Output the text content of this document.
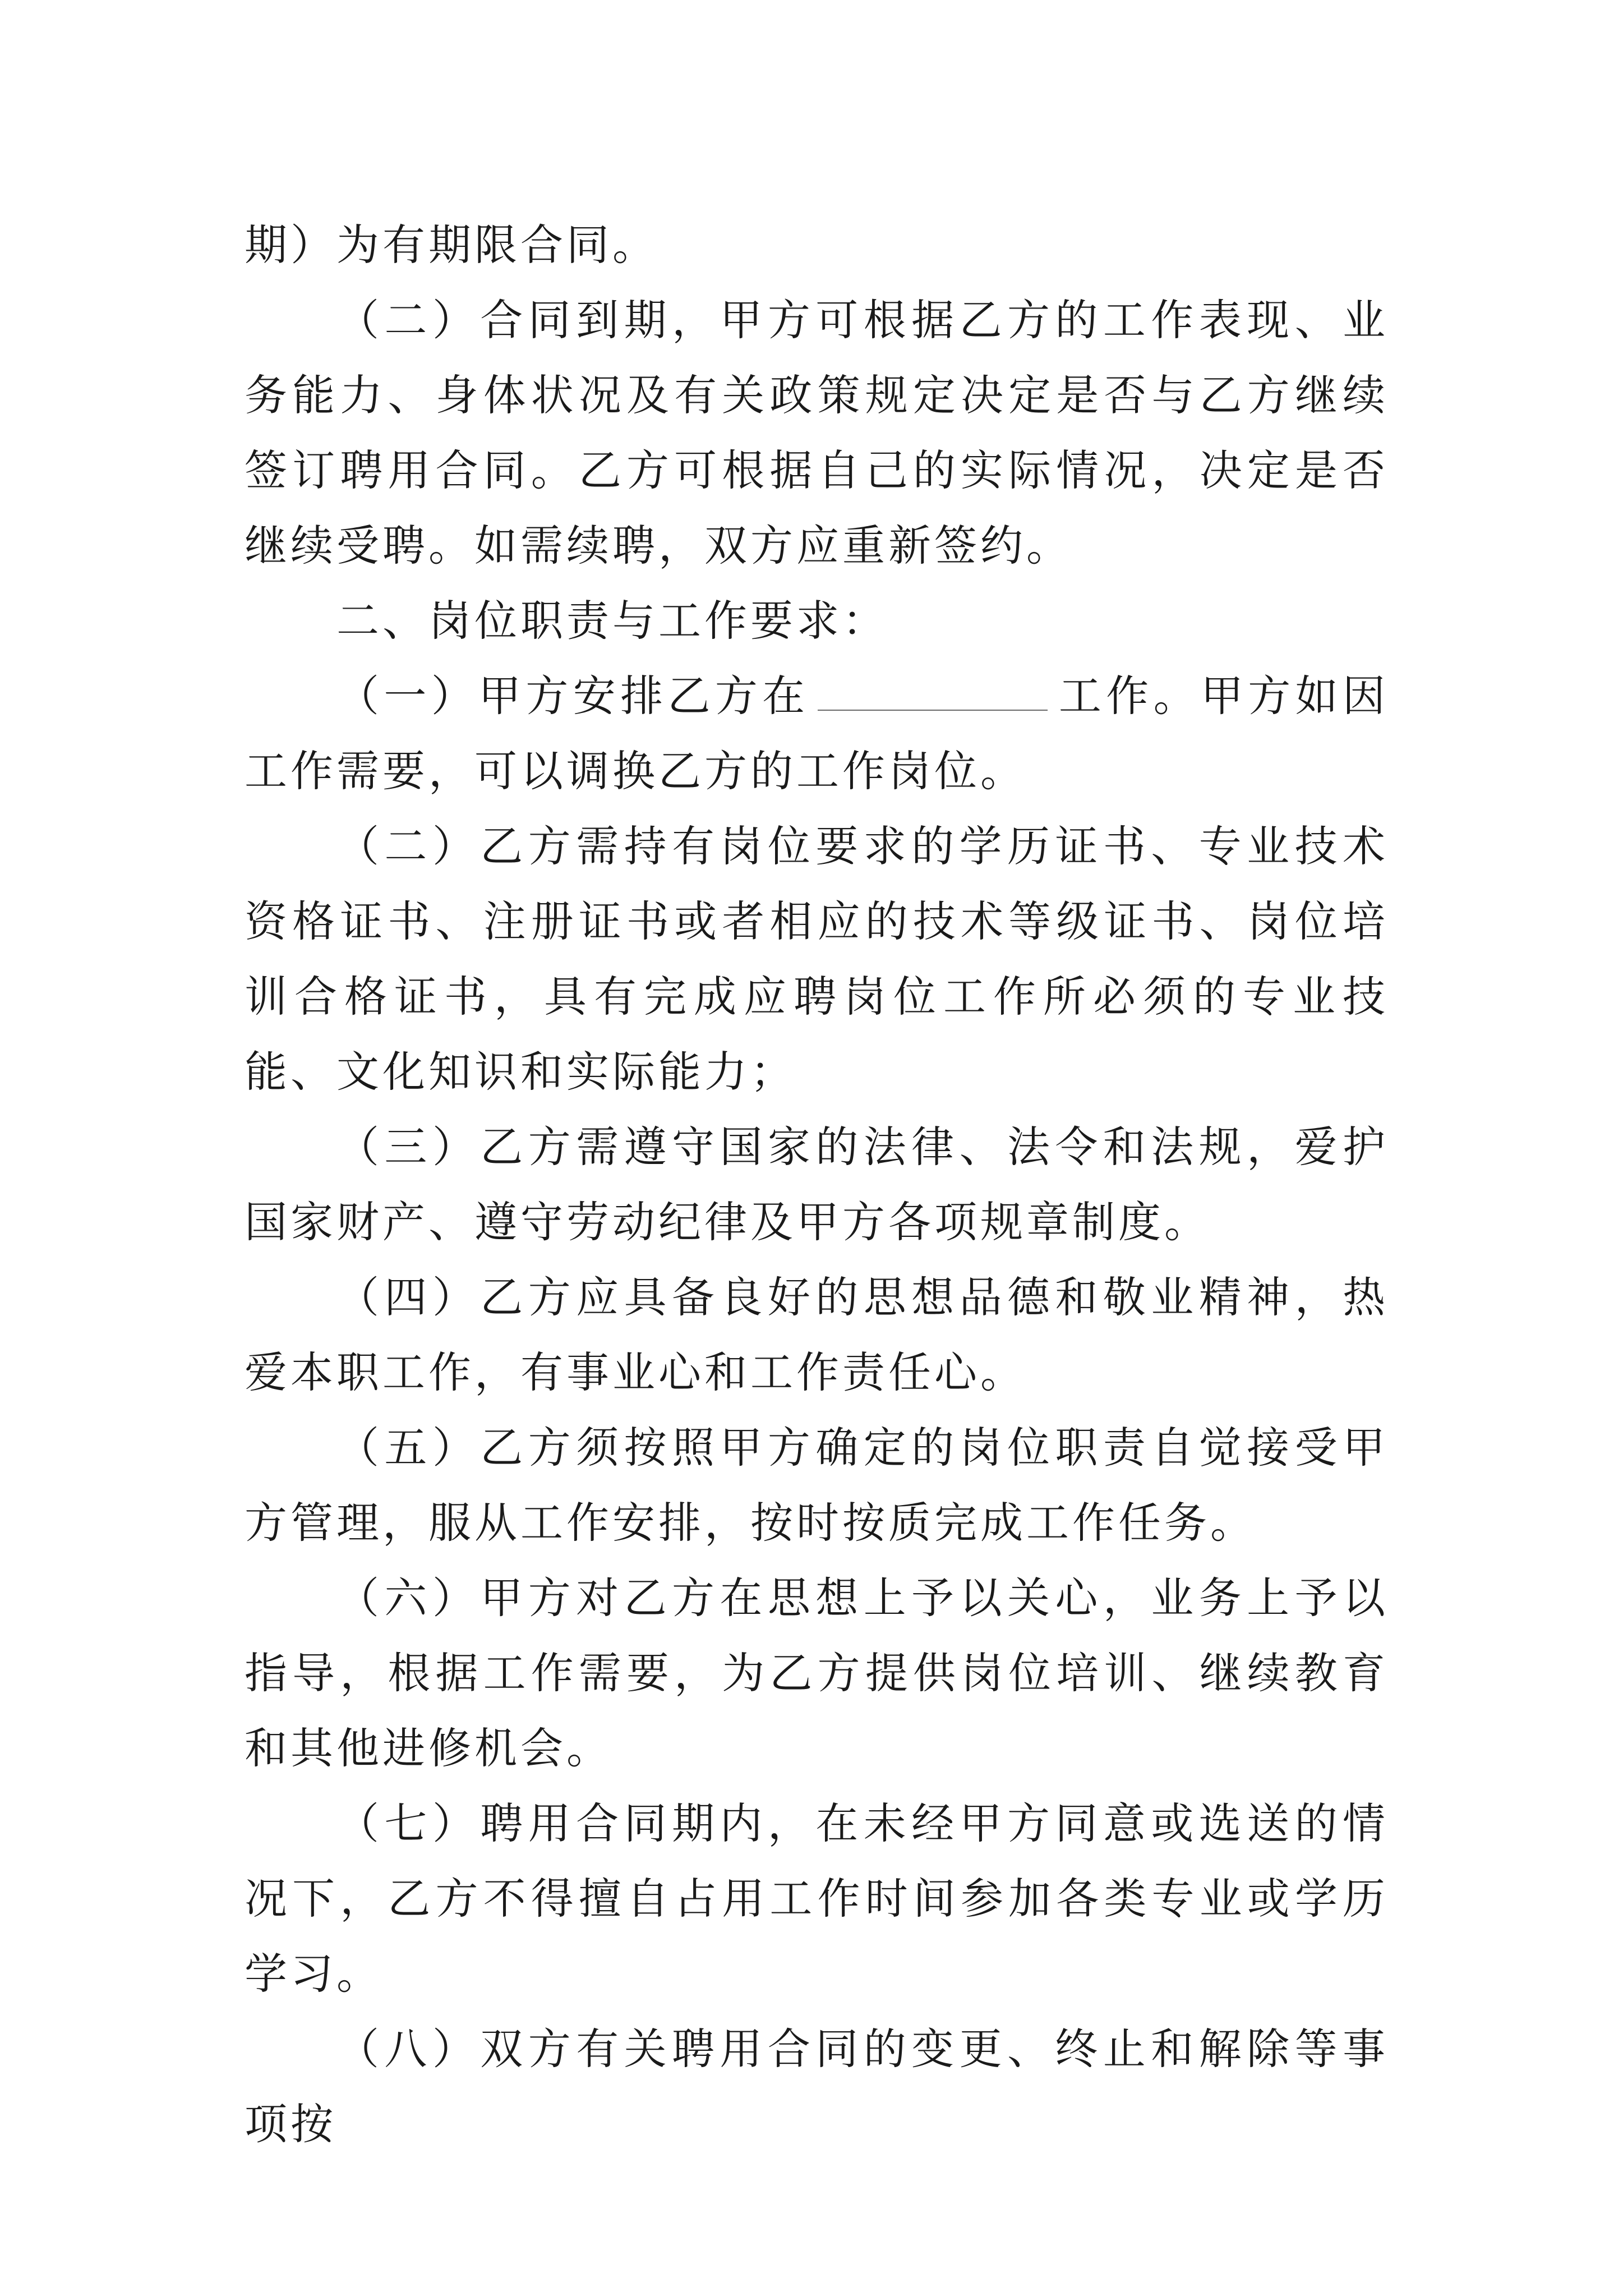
期）为有期限合同。

（二）合同到期，甲方可根据乙方的工作表现、业务能力、身体状况及有关政策规定决定是否与乙方继续签订聘用合同。乙方可根据自己的实际情况，决定是否继续受聘。如需续聘，双方应重新签约。

二、岗位职责与工作要求：

（一）甲方安排乙方在	工作。甲方如因工作需要，可以调换乙方的工作岗位。

（二）乙方需持有岗位要求的学历证书、专业技术资格证书、注册证书或者相应的技术等级证书、岗位培训合格证书，具有完成应聘岗位工作所必须的专业技能、文化知识和实际能力；

（三）乙方需遵守国家的法律、法令和法规，爱护国家财产、遵守劳动纪律及甲方各项规章制度。

（四）乙方应具备良好的思想品德和敬业精神，热爱本职工作，有事业心和工作责任心。

（五）乙方须按照甲方确定的岗位职责自觉接受甲方管理，服从工作安排，按时按质完成工作任务。

（六）甲方对乙方在思想上予以关心，业务上予以指导，根据工作需要，为乙方提供岗位培训、继续教育和其他进修机会。

（七）聘用合同期内，在未经甲方同意或选送的情况下，乙方不得擅自占用工作时间参加各类专业或学历学习。

（八）双方有关聘用合同的变更、终止和解除等事项按
